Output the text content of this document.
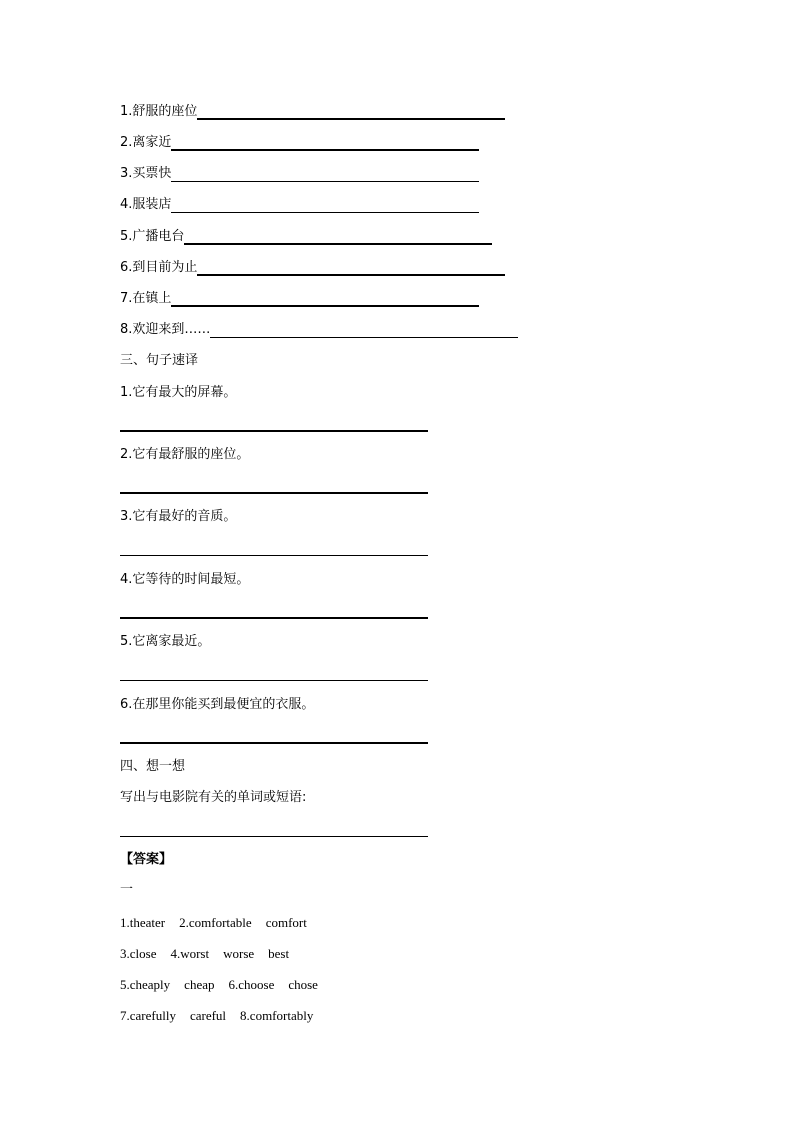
1.舒服的座位
2.离家近
3.买票快
4.服装店
5.广播电台
6.到目前为止
7.在镇上
8.欢迎来到……
三、句子速译
1.它有最大的屏幕。
2.它有最舒服的座位。
3.它有最好的音质。
4.它等待的时间最短。
5.它离家最近。
6.在那里你能买到最便宜的衣服。
四、想一想
写出与电影院有关的单词或短语:
【答案】
一
1.theater 2.comfortable comfort
3.close 4.worst worse best
5.cheaply cheap 6.choose chose
7.carefully careful 8.comfortably
